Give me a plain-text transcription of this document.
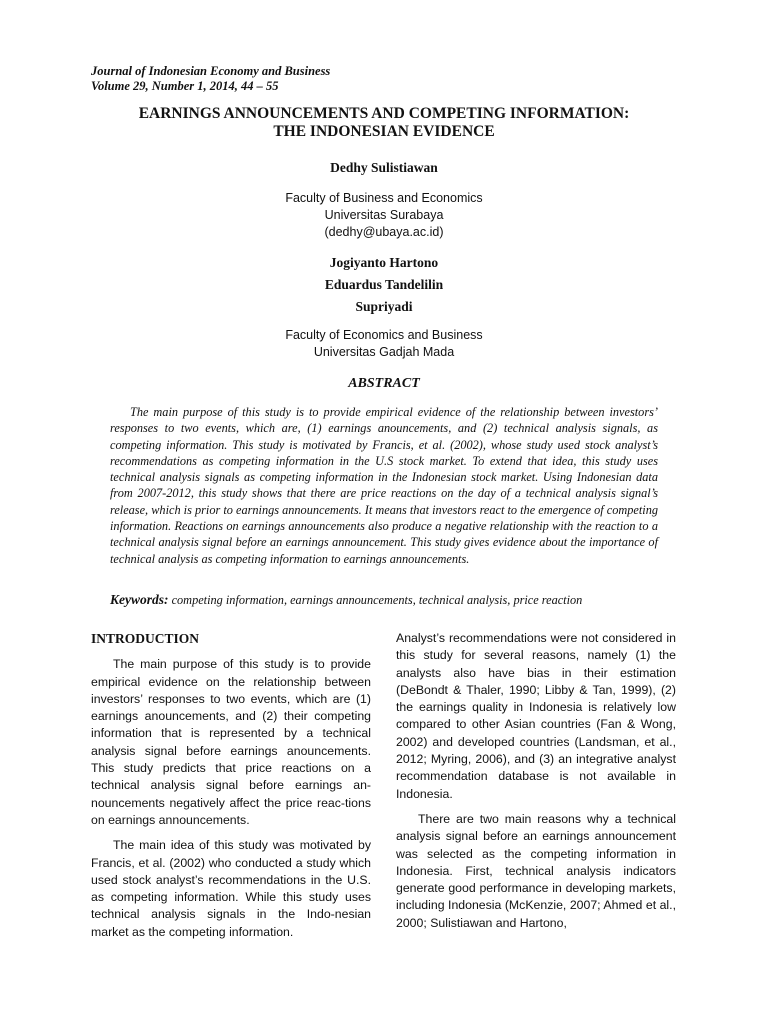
Journal of Indonesian Economy and Business
Volume 29, Number 1, 2014, 44 – 55
EARNINGS ANNOUNCEMENTS AND COMPETING INFORMATION:
THE INDONESIAN EVIDENCE
Dedhy Sulistiawan
Faculty of Business and Economics
Universitas Surabaya
(dedhy@ubaya.ac.id)
Jogiyanto Hartono
Eduardus Tandelilin
Supriyadi
Faculty of Economics and Business
Universitas Gadjah Mada
ABSTRACT

The main purpose of this study is to provide empirical evidence of the relationship between investors’ responses to two events, which are, (1) earnings anouncements, and (2) technical analysis signals, as competing information. This study is motivated by Francis, et al. (2002), whose study used stock analyst’s recommendations as competing information in the U.S stock market. To extend that idea, this study uses technical analysis signals as competing information in the Indonesian stock market. Using Indonesian data from 2007-2012, this study shows that there are price reactions on the day of a technical analysis signal’s release, which is prior to earnings announcements. It means that investors react to the emergence of competing information. Reactions on earnings announcements also produce a negative relationship with the reaction to a technical analysis signal before an earnings announcement. This study gives evidence about the importance of technical analysis as competing information to earnings announcements.

Keywords: competing information, earnings announcements, technical analysis, price reaction
INTRODUCTION

The main purpose of this study is to provide empirical evidence on the relationship between investors’ responses to two events, which are (1) earnings anouncements, and (2) their competing information that is represented by a technical analysis signal before earnings anouncements. This study predicts that price reactions on a technical analysis signal before earnings an-nouncements negatively affect the price reac-tions on earnings announcements.

The main idea of this study was motivated by Francis, et al. (2002) who conducted a study which used stock analyst’s recommendations in the U.S. as competing information. While this study uses technical analysis signals in the Indo-nesian market as the competing information.

Analyst’s recommendations were not considered in this study for several reasons, namely (1) the analysts also have bias in their estimation (DeBondt & Thaler, 1990; Libby & Tan, 1999), (2) the earnings quality in Indonesia is relatively low compared to other Asian countries (Fan & Wong, 2002) and developed countries (Landsman, et al., 2012; Myring, 2006), and (3) an integrative analyst recommendation database is not available in Indonesia.

There are two main reasons why a technical analysis signal before an earnings announcement was selected as the competing information in Indonesia. First, technical analysis indicators generate good performance in developing markets, including Indonesia (McKenzie, 2007; Ahmed et al., 2000; Sulistiawan and Hartono,
